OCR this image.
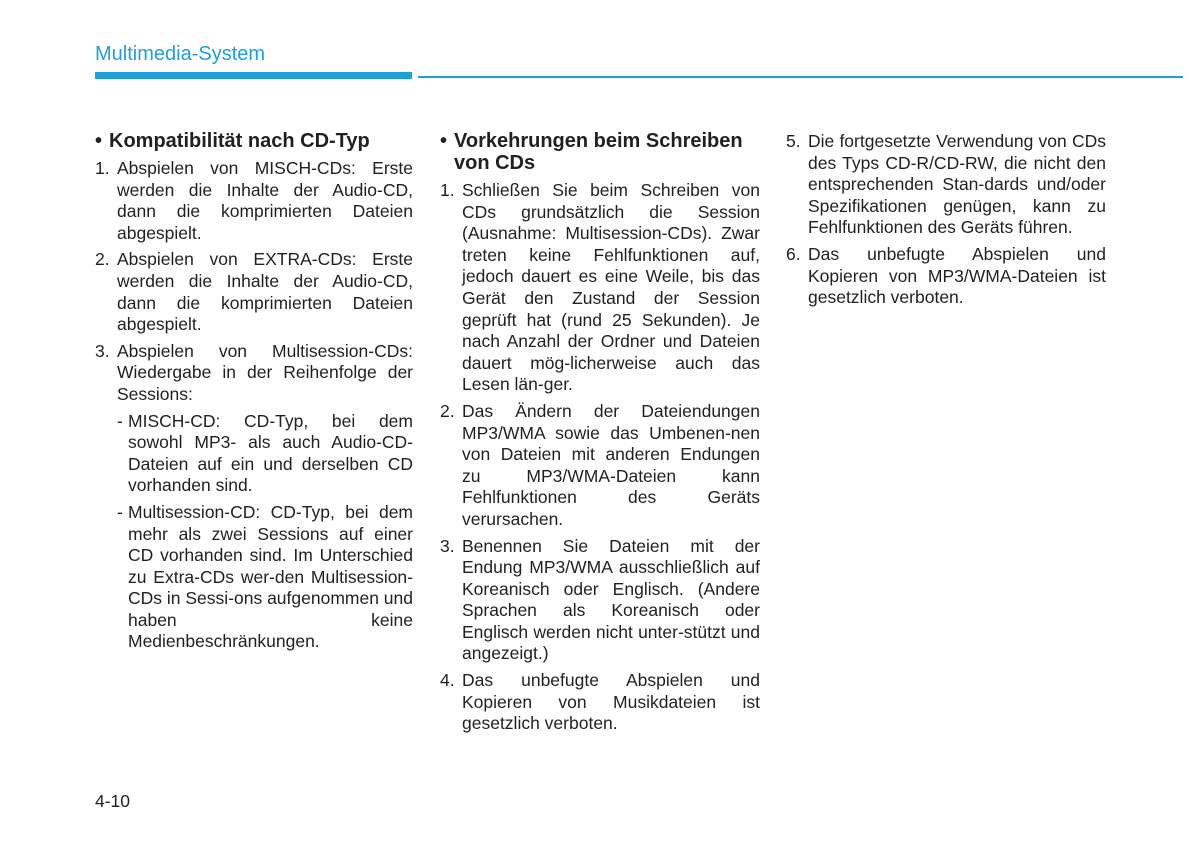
Multimedia-System
• Kompatibilität nach CD-Typ
1. Abspielen von MISCH-CDs: Erste werden die Inhalte der Audio-CD, dann die komprimierten Dateien abgespielt.
2. Abspielen von EXTRA-CDs: Erste werden die Inhalte der Audio-CD, dann die komprimierten Dateien abgespielt.
3. Abspielen von Multisession-CDs: Wiedergabe in der Reihenfolge der Sessions:
- MISCH-CD: CD-Typ, bei dem sowohl MP3- als auch Audio-CD-Dateien auf ein und derselben CD vorhanden sind.
- Multisession-CD: CD-Typ, bei dem mehr als zwei Sessions auf einer CD vorhanden sind. Im Unterschied zu Extra-CDs wer-den Multisession-CDs in Sessi-ons aufgenommen und haben keine Medienbeschränkungen.
• Vorkehrungen beim Schreiben von CDs
1. Schließen Sie beim Schreiben von CDs grundsätzlich die Session (Ausnahme: Multisession-CDs). Zwar treten keine Fehlfunktionen auf, jedoch dauert es eine Weile, bis das Gerät den Zustand der Session geprüft hat (rund 25 Sekunden). Je nach Anzahl der Ordner und Dateien dauert mög-licherweise auch das Lesen län-ger.
2. Das Ändern der Dateiendungen MP3/WMA sowie das Umbenen-nen von Dateien mit anderen Endungen zu MP3/WMA-Dateien kann Fehlfunktionen des Geräts verursachen.
3. Benennen Sie Dateien mit der Endung MP3/WMA ausschließlich auf Koreanisch oder Englisch. (Andere Sprachen als Koreanisch oder Englisch werden nicht unter-stützt und angezeigt.)
4. Das unbefugte Abspielen und Kopieren von Musikdateien ist gesetzlich verboten.
5. Die fortgesetzte Verwendung von CDs des Typs CD-R/CD-RW, die nicht den entsprechenden Stan-dards und/oder Spezifikationen genügen, kann zu Fehlfunktionen des Geräts führen.
6. Das unbefugte Abspielen und Kopieren von MP3/WMA-Dateien ist gesetzlich verboten.
4-10
